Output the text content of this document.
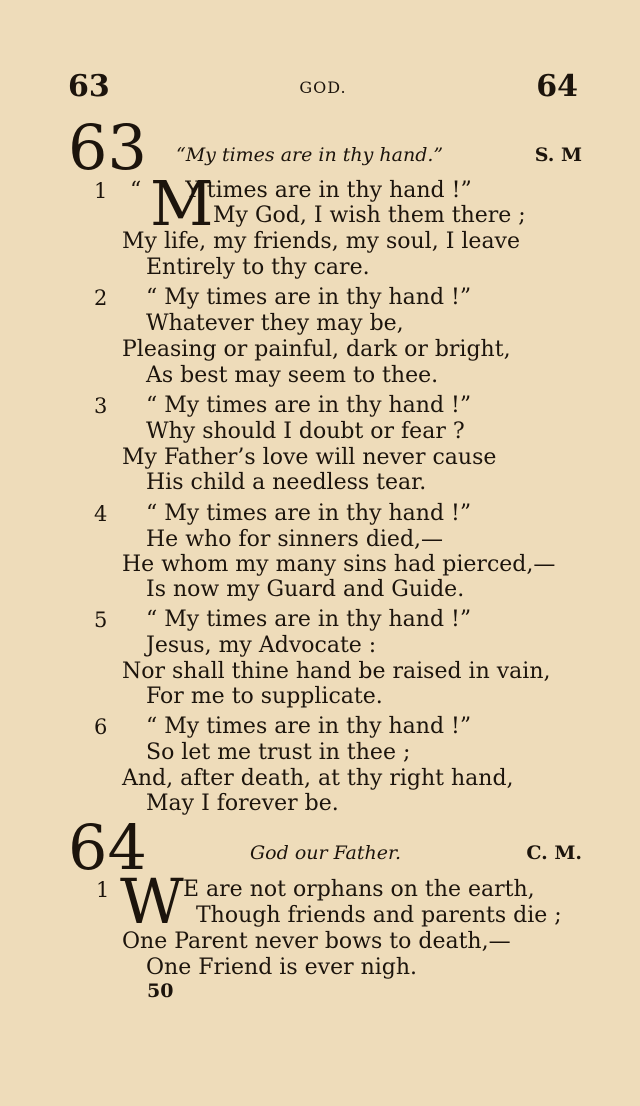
63	GOD.	64
63 “My times are in thy hand.”	S. M
1 M
“ Y times are in thy hand !”
My God, I wish them there ;
My life, my friends, my soul, I leave
Entirely to thy care.
2 “ My times are in thy hand !”
Whatever they may be,
Pleasing or painful, dark or bright,
As best may seem to thee.
3 “ My times are in thy hand !”
Why should I doubt or fear ?
My Father’s love will never cause
His child a needless tear.
4 “ My times are in thy hand !”
He who for sinners died,—
He whom my many sins had pierced,—
Is now my Guard and Guide.
5 “ My times are in thy hand !”
Jesus, my Advocate :
Nor shall thine hand be raised in vain,
For me to supplicate.
6 “ My times are in thy hand !”
So let me trust in thee ;
And, after death, at thy right hand,
May I forever be.
64	God our Father.	C. M.
1 W E are not orphans on the earth,
Though friends and parents die ;
One Parent never bows to death,—
One Friend is ever nigh.
50
